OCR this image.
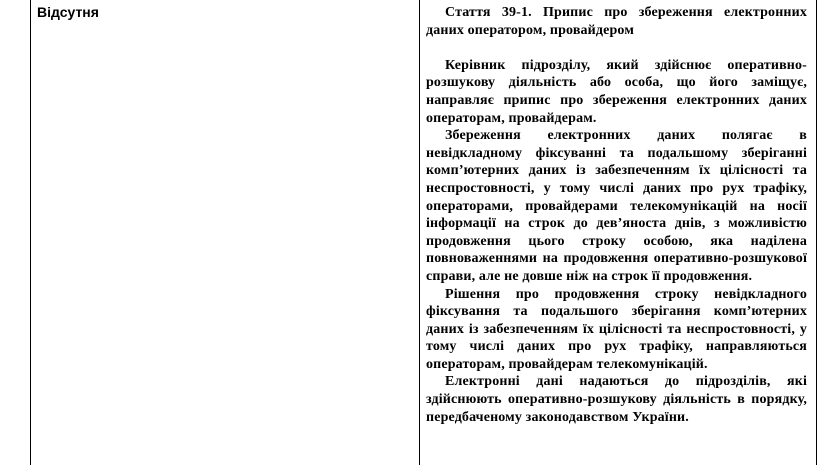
Відсутня	Стаття 39-1. Припис про збереження електронних даних оператором, провайдером

Керівник підрозділу, який здійснює оперативно-розшукову діяльність або особа, що його заміщує, направляє припис про збереження електронних даних операторам, провайдерам.

Збереження електронних даних полягає в невідкладному фіксуванні та подальшому зберіганні комп’ютерних даних із забезпеченням їх цілісності та неспростовності, у тому числі даних про рух трафіку, операторами, провайдерами телекомунікацій на носії інформації на строк до дев’яноста днів, з можливістю продовження цього строку особою, яка наділена повноваженнями на продовження оперативно-розшукової справи, але не довше ніж на строк її продовження.

Рішення про продовження строку невідкладного фіксування та подальшого зберігання комп’ютерних даних із забезпеченням їх цілісності та неспростовності, у тому числі даних про рух трафіку, направляються операторам, провайдерам телекомунікацій.

Електронні дані надаються до підрозділів, які здійснюють оперативно-розшукову діяльність в порядку, передбаченому законодавством України.
